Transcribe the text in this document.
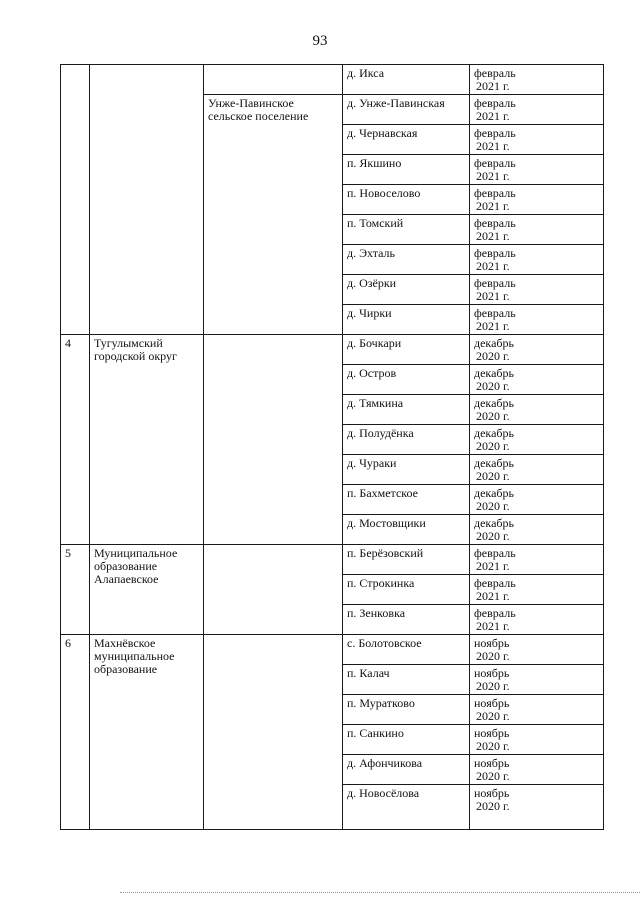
93
			д. Икса	февраль
2021 г.

		Унже-Павинское сельское поселение	д. Унже-Павинская	февраль
2021 г.

			д. Чернавская	февраль
2021 г.

			п. Якшино	февраль
2021 г.

			п. Новоселово	февраль
2021 г.

			п. Томский	февраль
2021 г.

			д. Эхталь	февраль
2021 г.

			д. Озёрки	февраль
2021 г.

			д. Чирки	февраль
2021 г.

4	Тугулымский городской округ		д. Бочкари	декабрь
2020 г.

			д. Остров	декабрь
2020 г.

			д. Тямкина	декабрь
2020 г.

			д. Полудёнка	декабрь
2020 г.

			д. Чураки	декабрь
2020 г.

			п. Бахметское	декабрь
2020 г.

			д. Мостовщики	декабрь
2020 г.

5	Муниципальное образование Алапаевское		п. Берёзовский	февраль
2021 г.

			п. Строкинка	февраль
2021 г.

			п. Зенковка	февраль
2021 г.

6	Махнёвское муниципальное образование		с. Болотовское	ноябрь
2020 г.

			п. Калач	ноябрь
2020 г.

			п. Муратково	ноябрь
2020 г.

			п. Санкино	ноябрь
2020 г.

			д. Афончикова	ноябрь
2020 г.

			д. Новосёлова	ноябрь
2020 г.
